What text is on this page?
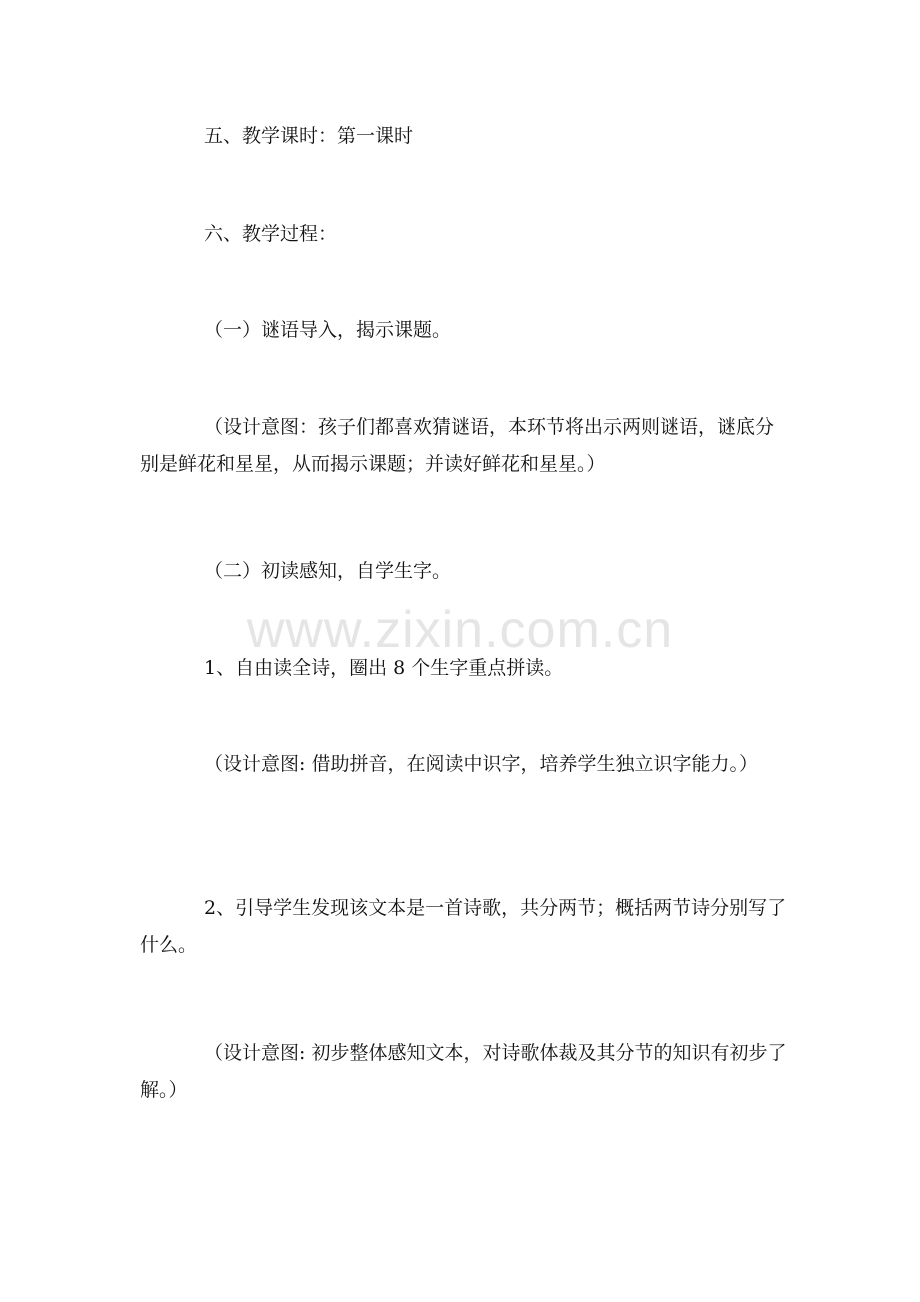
五、教学课时：第一课时

六、教学过程：

（一）谜语导入，揭示课题。

（设计意图：孩子们都喜欢猜谜语，本环节将出示两则谜语，谜底分别是鲜花和星星，从而揭示课题；并读好鲜花和星星。）

（二）初读感知，自学生字。

1、自由读全诗，圈出 8 个生字重点拼读。

（设计意图: 借助拼音，在阅读中识字，培养学生独立识字能力。）

2、引导学生发现该文本是一首诗歌，共分两节；概括两节诗分别写了什么。

（设计意图: 初步整体感知文本，对诗歌体裁及其分节的知识有初步了解。）

www.zixin.com.cn
